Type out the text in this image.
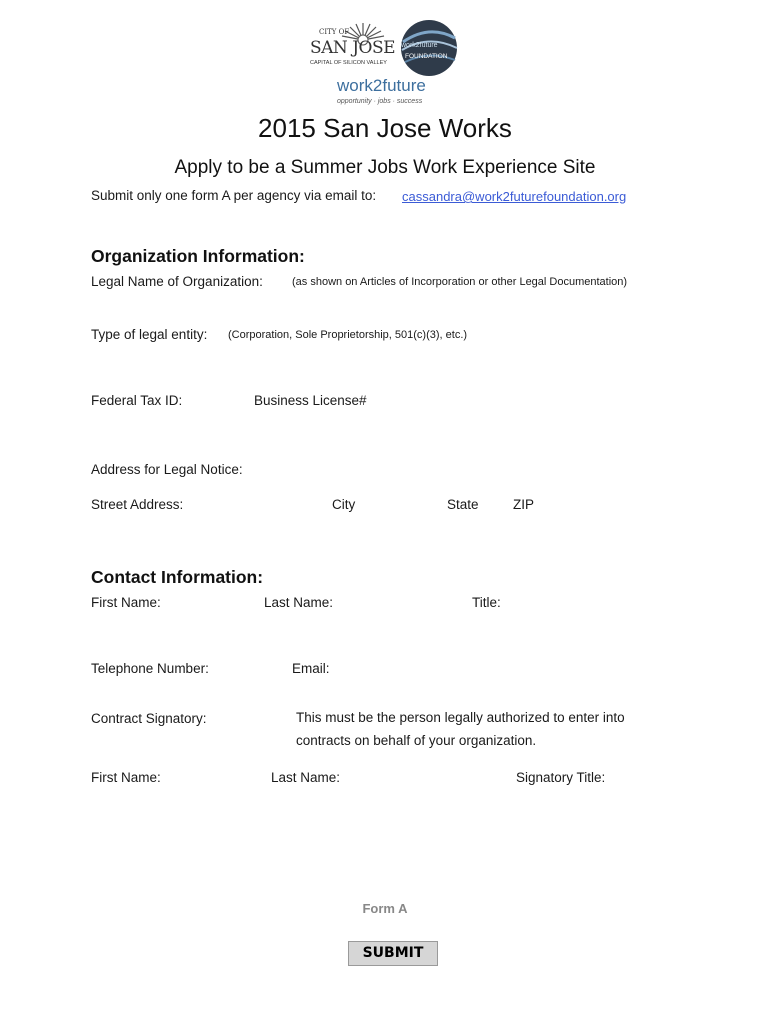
CITY OF
SAN JOSE
CAPITAL OF SILICON VALLEY
work2future
FOUNDATION
work2future
opportunity · jobs · success
2015 San Jose Works
Apply to be a Summer Jobs Work Experience Site
Submit only one form A per agency via email to: cassandra@work2futurefoundation.org
Organization Information:
Legal Name of Organization:	(as shown on Articles of Incorporation or other Legal Documentation)
Type of legal entity: (Corporation, Sole Proprietorship, 501(c)(3), etc.)
Federal Tax ID:	Business License#
Address for Legal Notice:
Street Address:	City	State	ZIP
Contact Information:
First Name:	Last Name:	Title:
Telephone Number:	Email:
Contract Signatory:	This must be the person legally authorized to enter into
contracts on behalf of your organization.
First Name:	Last Name:	Signatory Title:
Form A
SUBMIT
